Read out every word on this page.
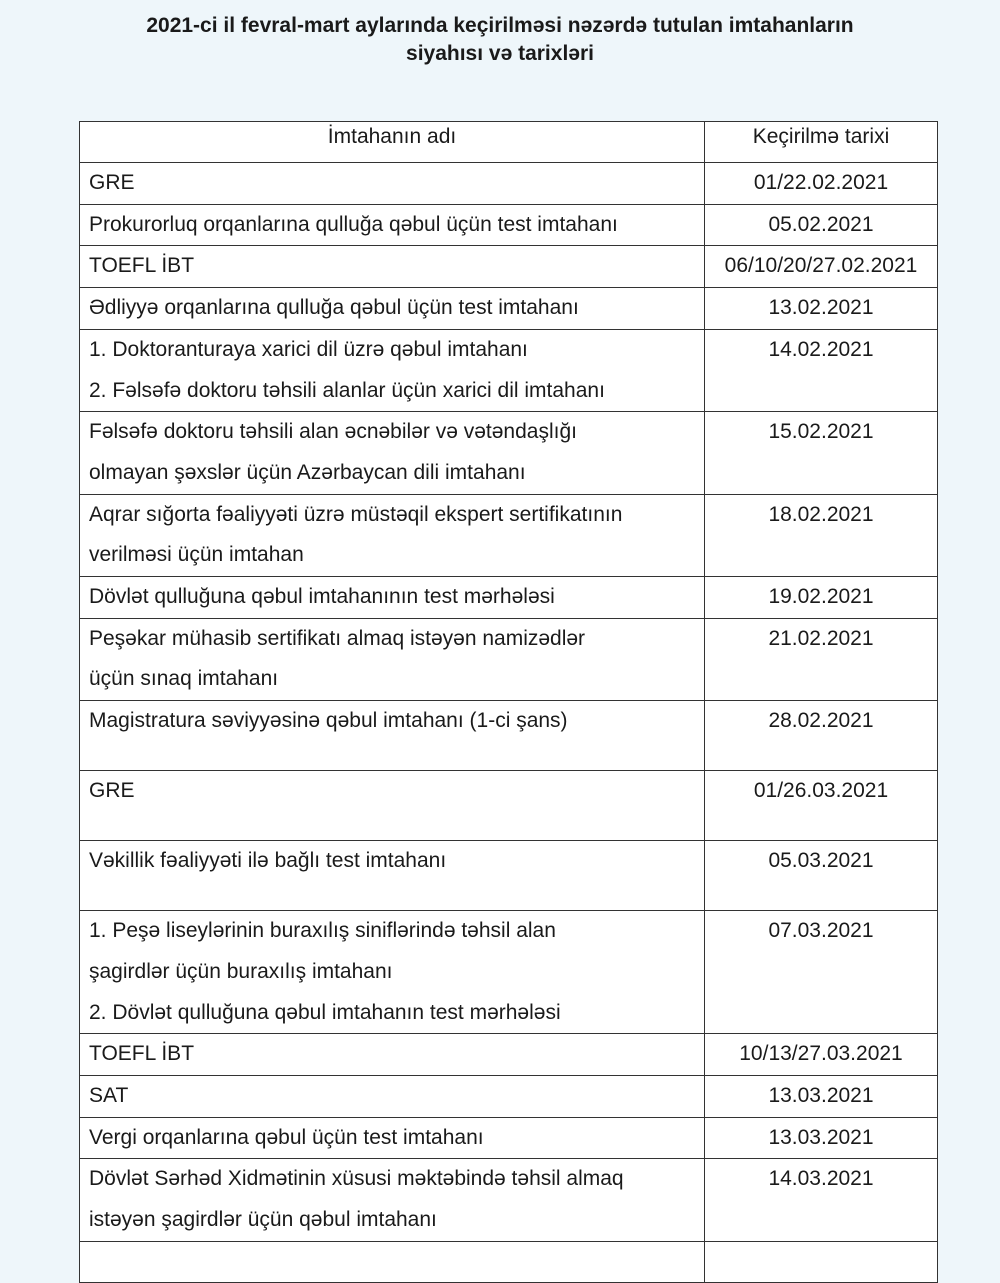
2021-ci il fevral-mart aylarında keçirilməsi nəzərdə tutulan imtahanların
siyahısı və tarixləri
İmtahanın adı	Keçirilmə tarixi

GRE	01/22.02.2021

Prokurorluq orqanlarına qulluğa qəbul üçün test imtahanı	05.02.2021

TOEFL İBT	06/10/20/27.02.2021

Ədliyyə orqanlarına qulluğa qəbul üçün test imtahanı	13.02.2021

1. Doktoranturaya xarici dil üzrə qəbul imtahanı
2. Fəlsəfə doktoru təhsili alanlar üçün xarici dil imtahanı	14.02.2021

Fəlsəfə doktoru təhsili alan əcnəbilər və vətəndaşlığı
olmayan şəxslər üçün Azərbaycan dili imtahanı	15.02.2021

Aqrar sığorta fəaliyyəti üzrə müstəqil ekspert sertifikatının
verilməsi üçün imtahan	18.02.2021

Dövlət qulluğuna qəbul imtahanının test mərhələsi	19.02.2021

Peşəkar mühasib sertifikatı almaq istəyən namizədlər
üçün sınaq imtahanı	21.02.2021

Magistratura səviyyəsinə qəbul imtahanı (1-ci şans)	28.02.2021

GRE	01/26.03.2021

Vəkillik fəaliyyəti ilə bağlı test imtahanı	05.03.2021

1. Peşə liseylərinin buraxılış siniflərində təhsil alan
şagirdlər üçün buraxılış imtahanı
2. Dövlət qulluğuna qəbul imtahanın test mərhələsi	07.03.2021

TOEFL İBT	10/13/27.03.2021

SAT	13.03.2021

Vergi orqanlarına qəbul üçün test imtahanı	13.03.2021

Dövlət Sərhəd Xidmətinin xüsusi məktəbində təhsil almaq
istəyən şagirdlər üçün qəbul imtahanı	14.03.2021
